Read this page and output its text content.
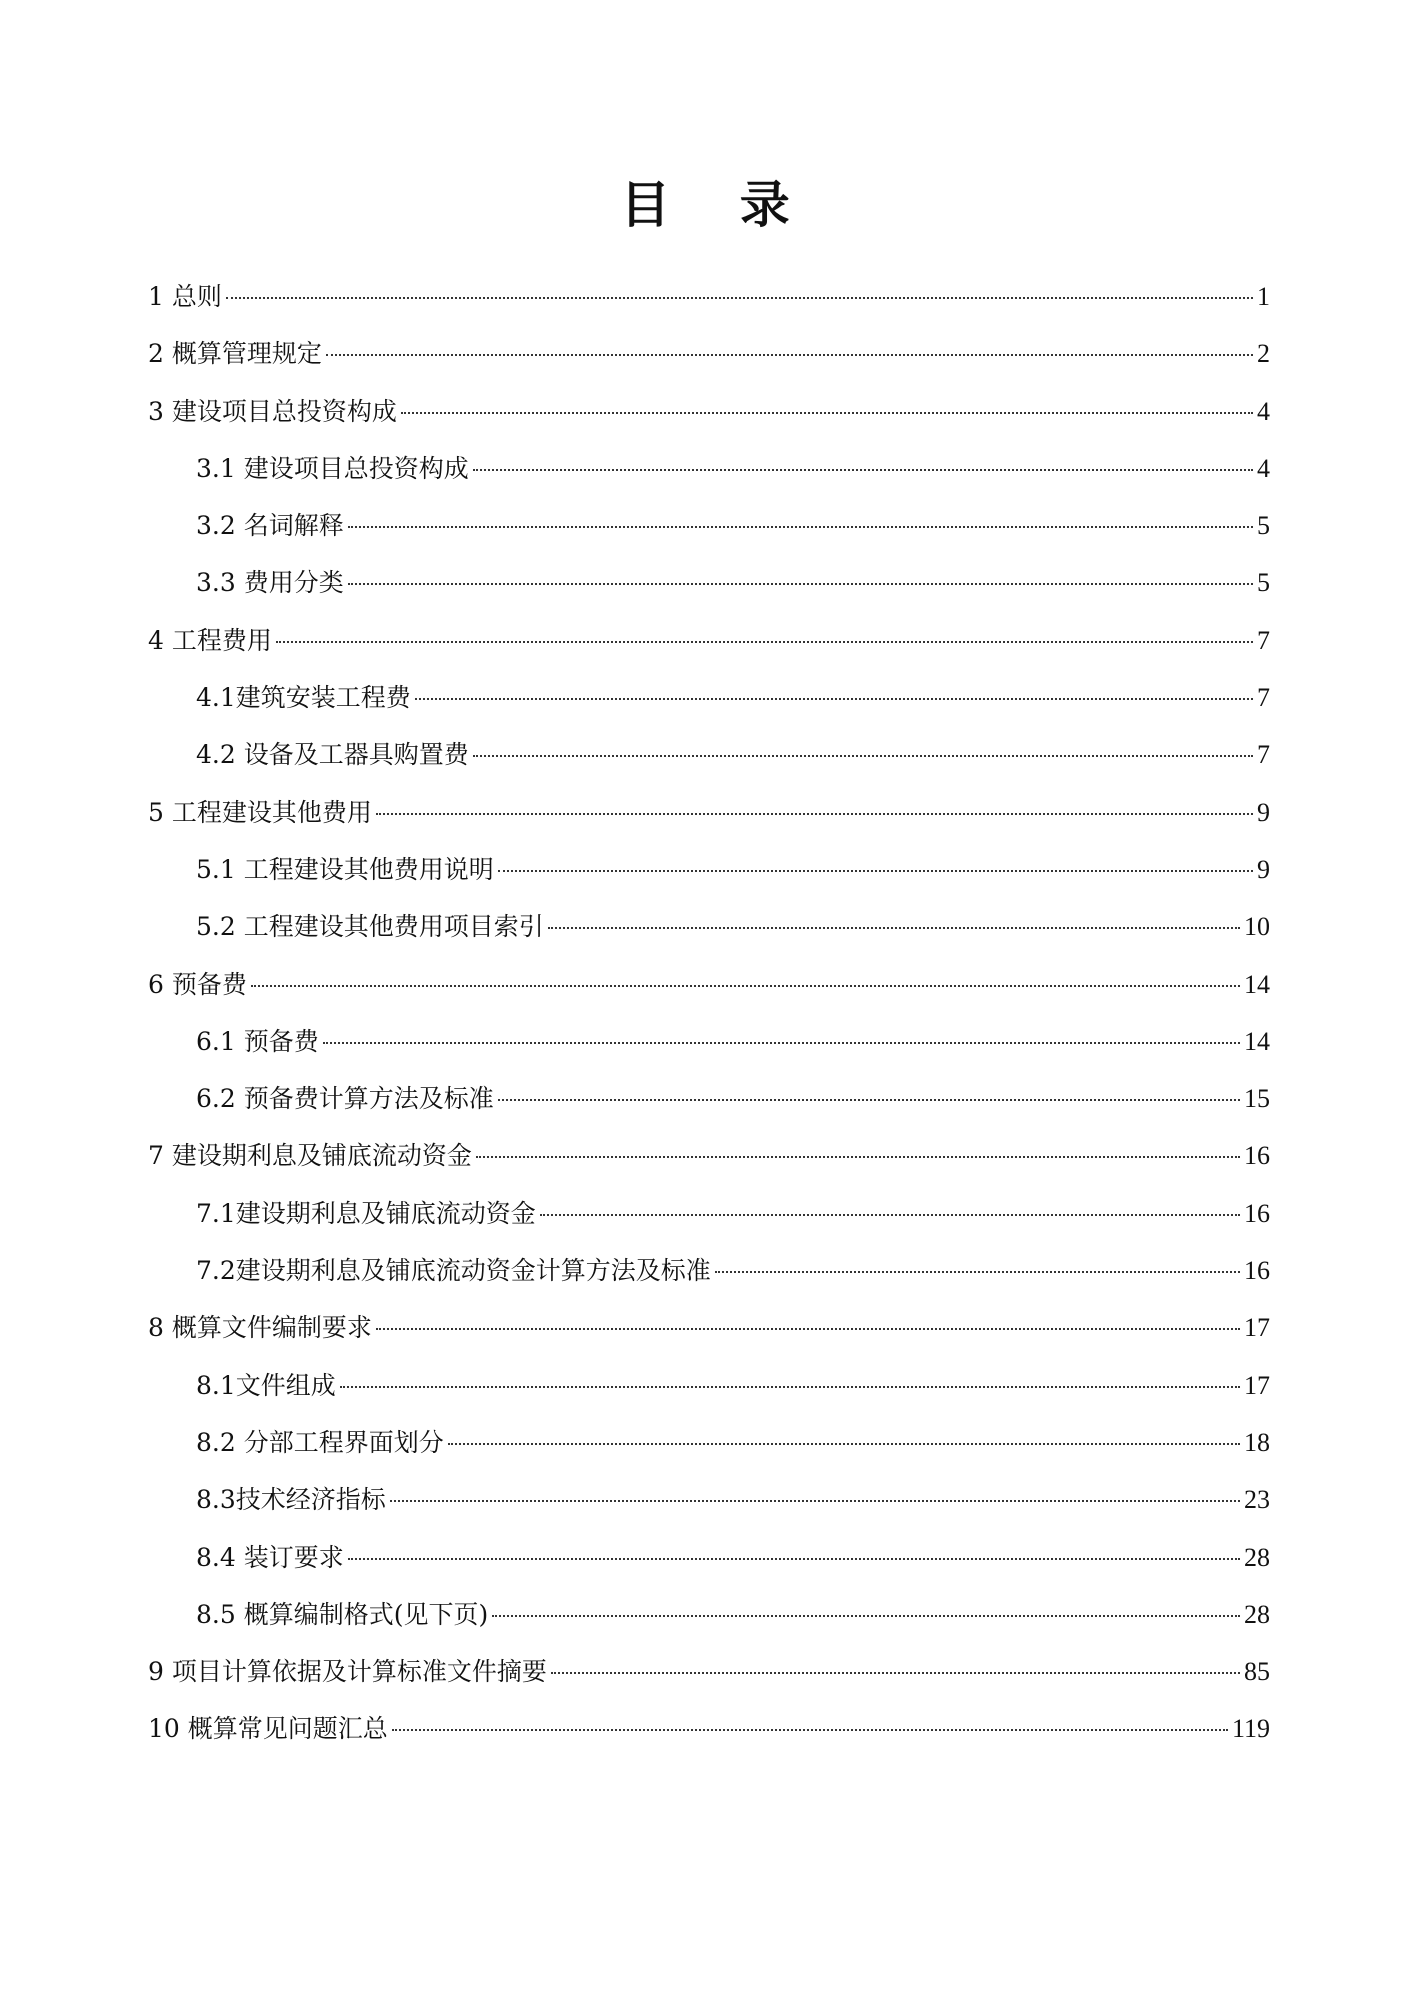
目 录
1 总则	1
2 概算管理规定	2
3 建设项目总投资构成	4
3.1 建设项目总投资构成	4
3.2 名词解释	5
3.3 费用分类	5
4 工程费用	7
4.1建筑安装工程费	7
4.2 设备及工器具购置费	7
5 工程建设其他费用	9
5.1 工程建设其他费用说明	9
5.2 工程建设其他费用项目索引	10
6 预备费	14
6.1 预备费	14
6.2 预备费计算方法及标准	15
7 建设期利息及铺底流动资金	16
7.1建设期利息及铺底流动资金	16
7.2建设期利息及铺底流动资金计算方法及标准	16
8 概算文件编制要求	17
8.1文件组成	17
8.2 分部工程界面划分	18
8.3技术经济指标	23
8.4 装订要求	28
8.5 概算编制格式(见下页)	28
9 项目计算依据及计算标准文件摘要	85
10 概算常见问题汇总	119
